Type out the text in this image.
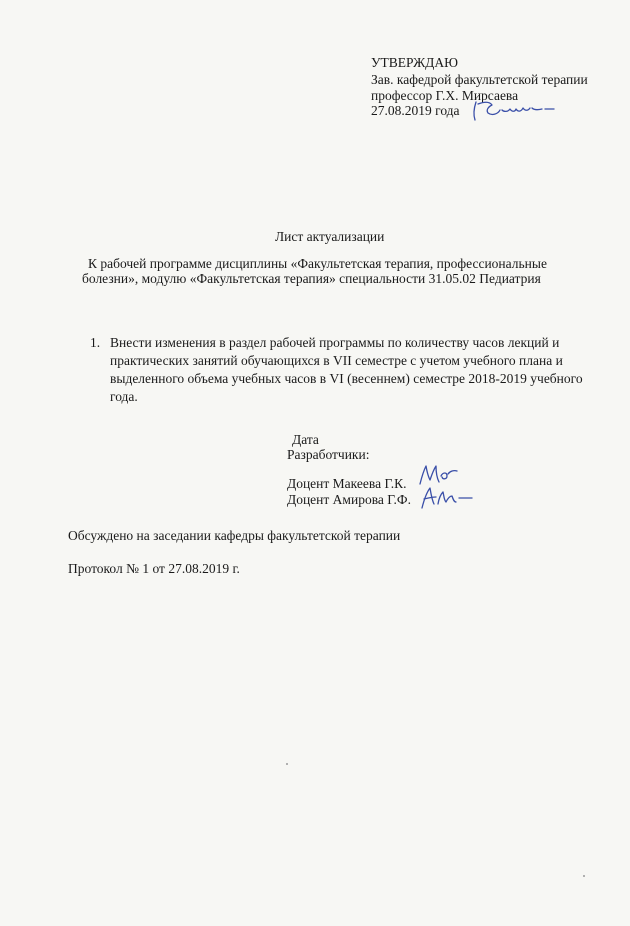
УТВЕРЖДАЮ
Зав. кафедрой факультетской терапии
профессор Г.Х. Мирсаева
27.08.2019 года
Лист актуализации
К рабочей программе дисциплины «Факультетская терапия, профессиональные
болезни», модулю «Факультетская терапия» специальности 31.05.02 Педиатрия
1. Внести изменения в раздел рабочей программы по количеству часов лекций и
практических занятий обучающихся в VII семестре с учетом учебного плана и
выделенного объема учебных часов в VI (весеннем) семестре 2018-2019 учебного
года.
Дата
Разработчики:
Доцент Макеева Г.К.
Доцент Амирова Г.Ф.
Обсуждено на заседании кафедры факультетской терапии
Протокол № 1 от 27.08.2019 г.
